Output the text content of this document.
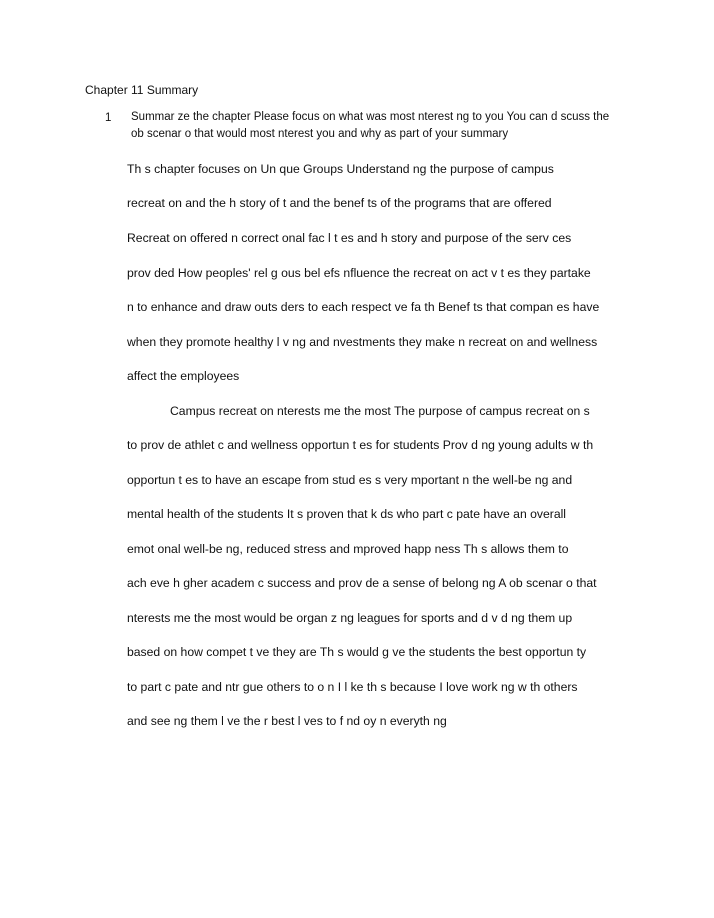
Chapter 11 Summary
1 Summar ze the chapter Please focus on what was most nterest ng to you You can d scuss the
ob scenar o that would most nterest you and why as part of your summary
Th s chapter focuses on Un que Groups Understand ng the purpose of campus
recreat on and the h story of t and the benef ts of the programs that are offered
Recreat on offered n correct onal fac l t es and h story and purpose of the serv ces
prov ded How peoples' rel g ous bel efs nfluence the recreat on act v t es they partake
n to enhance and draw outs ders to each respect ve fa th Benef ts that compan es have
when they promote healthy l v ng and nvestments they make n recreat on and wellness
affect the employees
Campus recreat on nterests me the most The purpose of campus recreat on s
to prov de athlet c and wellness opportun t es for students Prov d ng young adults w th
opportun t es to have an escape from stud es s very mportant n the well-be ng and
mental health of the students It s proven that k ds who part c pate have an overall
emot onal well-be ng, reduced stress and mproved happ ness Th s allows them to
ach eve h gher academ c success and prov de a sense of belong ng A ob scenar o that
nterests me the most would be organ z ng leagues for sports and d v d ng them up
based on how compet t ve they are Th s would g ve the students the best opportun ty
to part c pate and ntr gue others to o n I l ke th s because I love work ng w th others
and see ng them l ve the r best l ves to f nd oy n everyth ng
